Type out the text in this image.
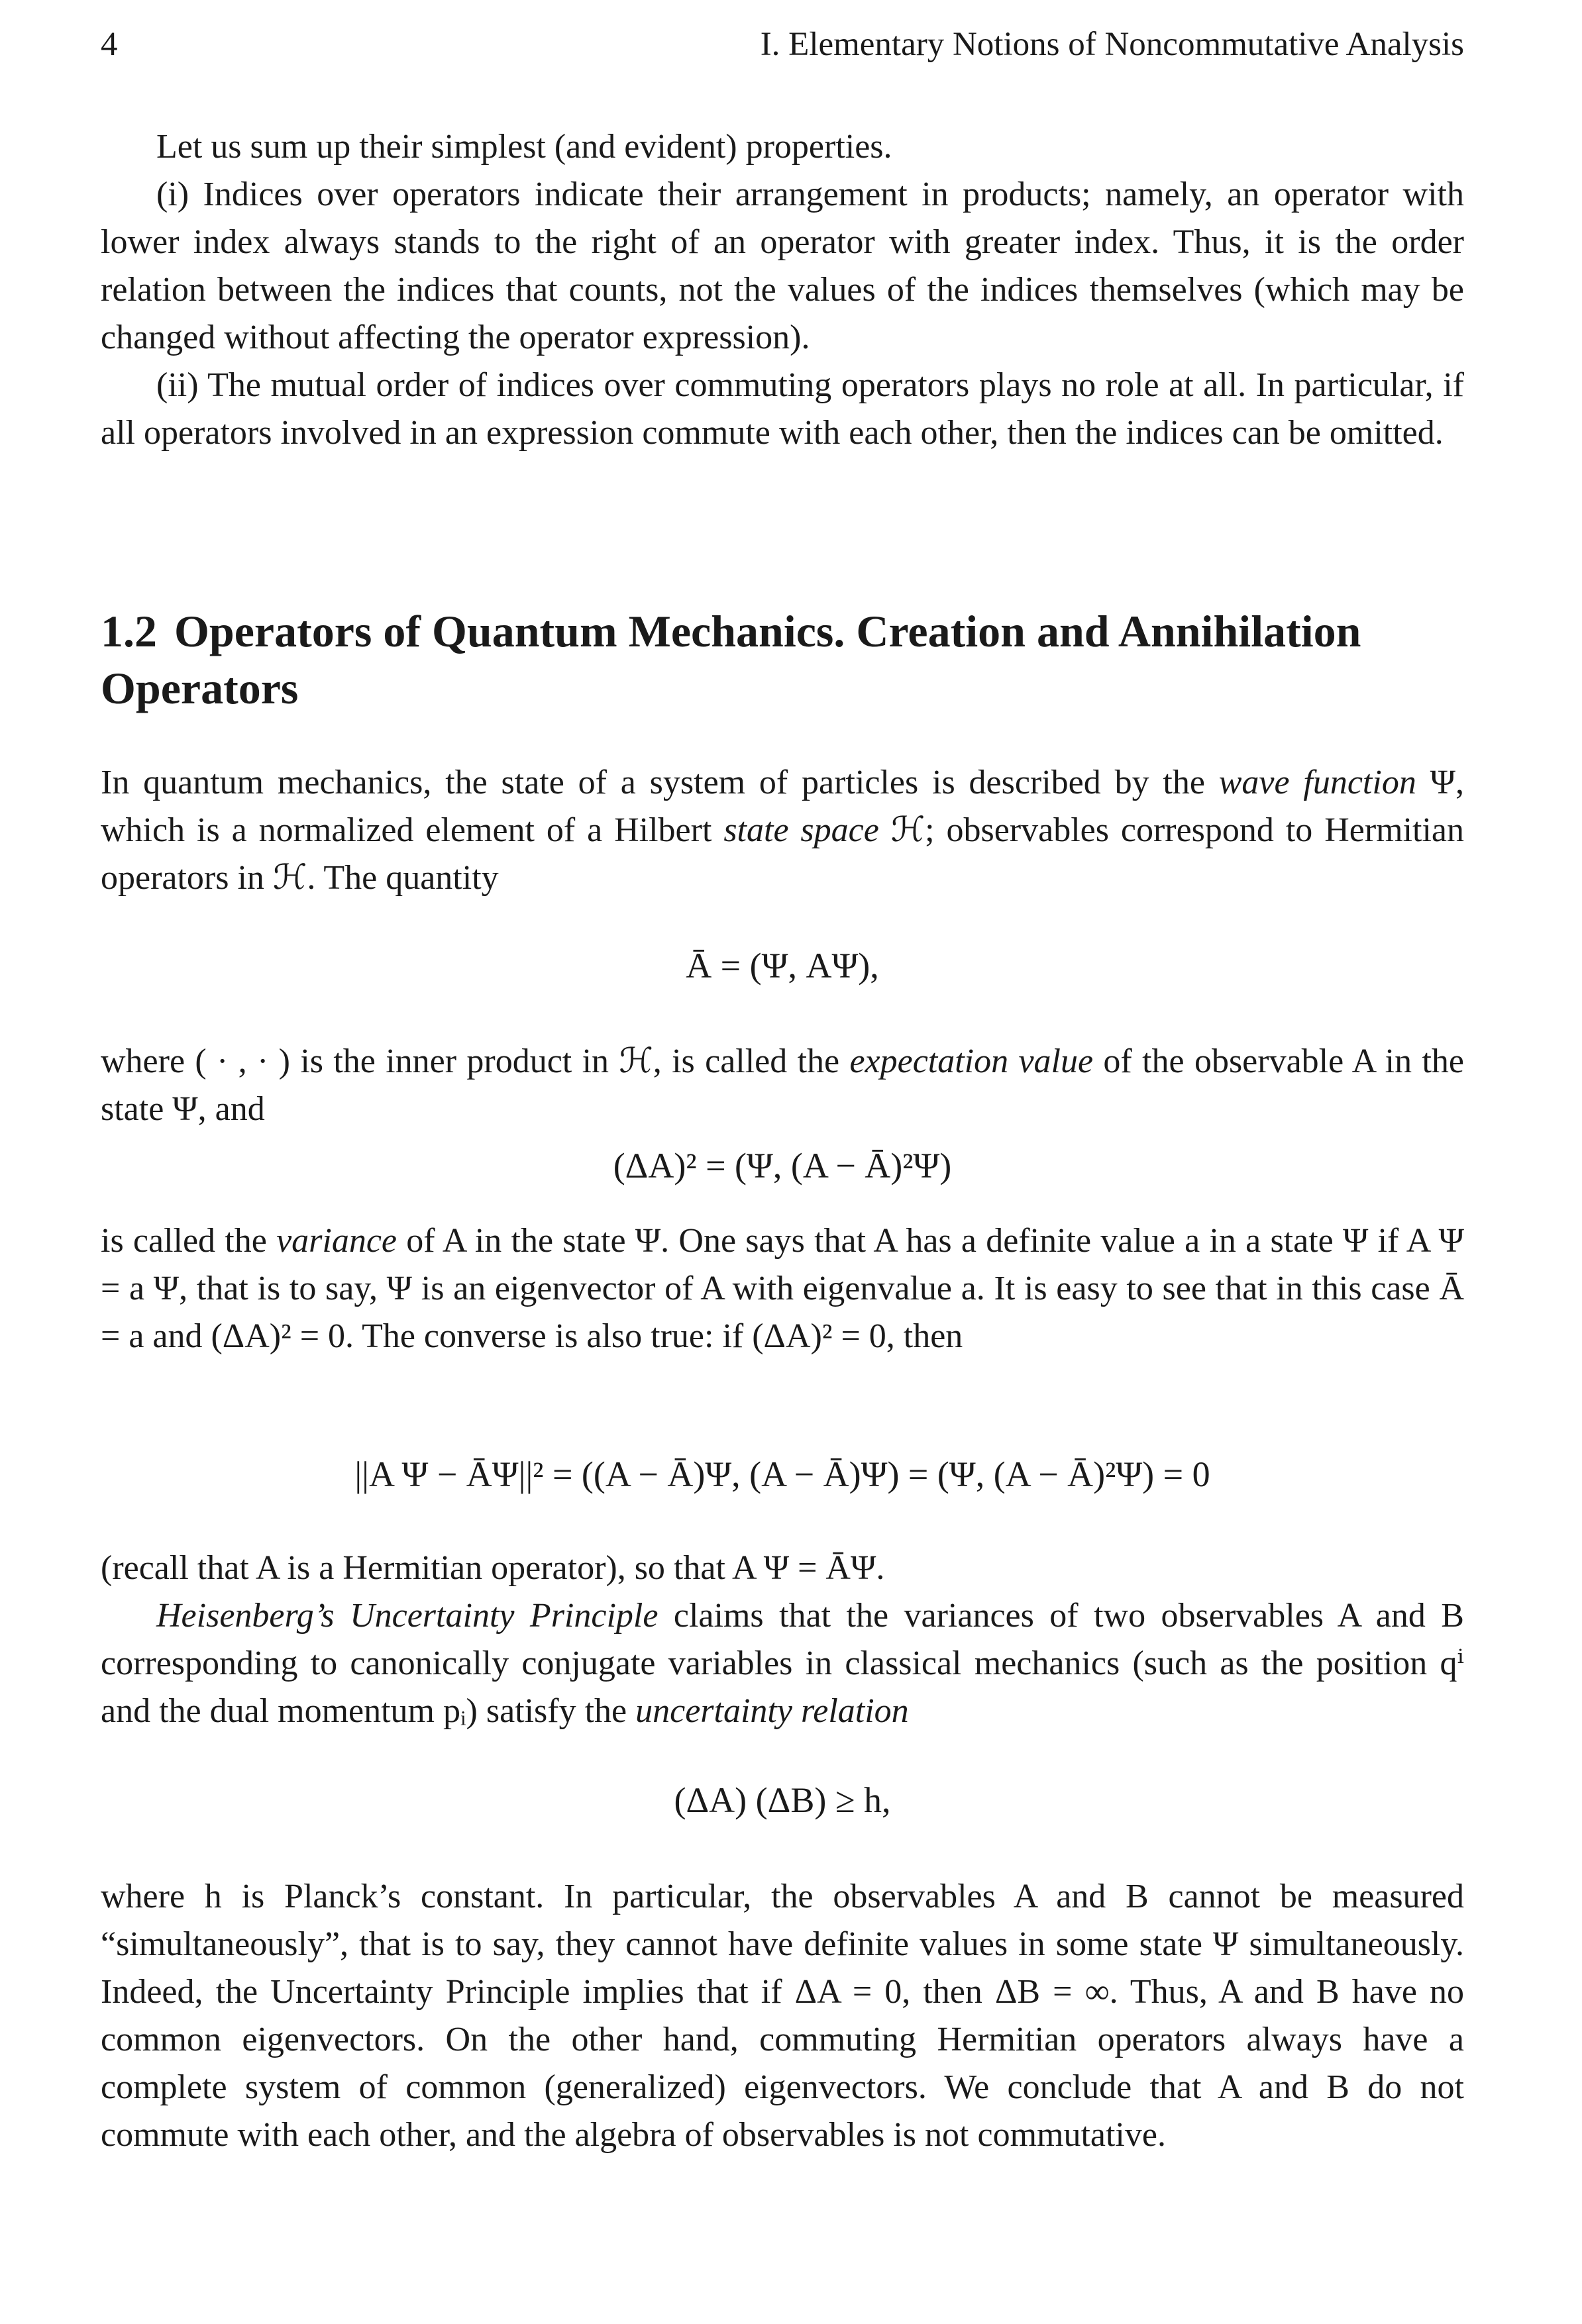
4	I. Elementary Notions of Noncommutative Analysis

Let us sum up their simplest (and evident) properties.

(i) Indices over operators indicate their arrangement in products; namely, an operator with lower index always stands to the right of an operator with greater index. Thus, it is the order relation between the indices that counts, not the values of the indices themselves (which may be changed without affecting the operator expression).

(ii) The mutual order of indices over commuting operators plays no role at all. In particular, if all operators involved in an expression commute with each other, then the indices can be omitted.

1.2 Operators of Quantum Mechanics. Creation and Annihilation Operators

In quantum mechanics, the state of a system of particles is described by the wave function Ψ, which is a normalized element of a Hilbert state space ℋ; observables correspond to Hermitian operators in ℋ. The quantity

Ā = (Ψ, AΨ),

where ( · , · ) is the inner product in ℋ, is called the expectation value of the observable A in the state Ψ, and

(ΔA)² = (Ψ, (A − Ā)²Ψ)

is called the variance of A in the state Ψ. One says that A has a definite value a in a state Ψ if A Ψ = a Ψ, that is to say, Ψ is an eigenvector of A with eigenvalue a. It is easy to see that in this case Ā = a and (ΔA)² = 0. The converse is also true: if (ΔA)² = 0, then

||A Ψ − ĀΨ||² = ((A − Ā)Ψ, (A − Ā)Ψ) = (Ψ, (A − Ā)²Ψ) = 0

(recall that A is a Hermitian operator), so that A Ψ = ĀΨ.

Heisenberg’s Uncertainty Principle claims that the variances of two observables A and B corresponding to canonically conjugate variables in classical mechanics (such as the position qⁱ and the dual momentum pᵢ) satisfy the uncertainty relation

(ΔA) (ΔB) ≥ h,

where h is Planck’s constant. In particular, the observables A and B cannot be measured “simultaneously”, that is to say, they cannot have definite values in some state Ψ simultaneously. Indeed, the Uncertainty Principle implies that if ΔA = 0, then ΔB = ∞. Thus, A and B have no common eigenvectors. On the other hand, commuting Hermitian operators always have a complete system of common (generalized) eigenvectors. We conclude that A and B do not commute with each other, and the algebra of observables is not commutative.
